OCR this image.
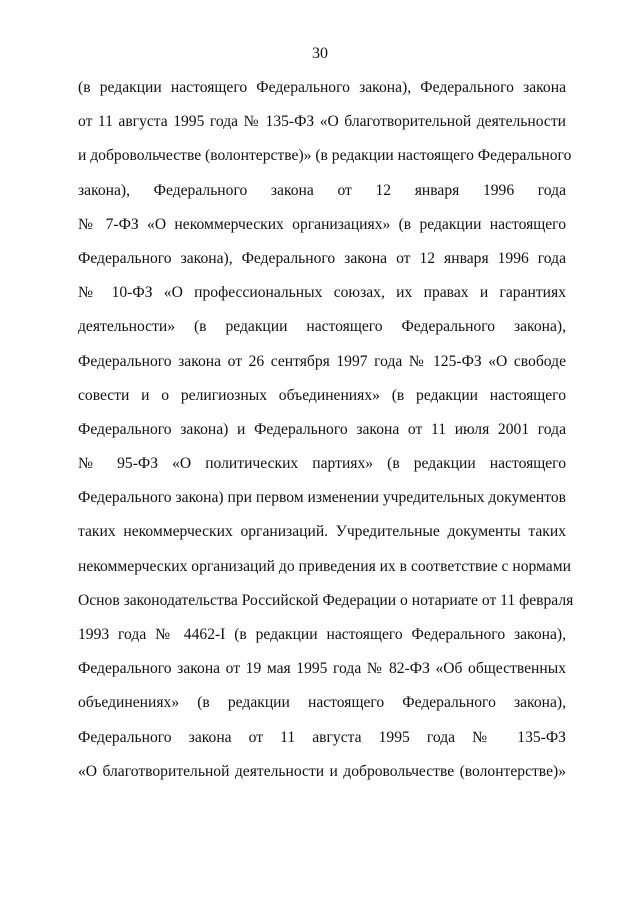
30
(в редакции настоящего Федерального закона), Федерального закона
от 11 августа 1995 года № 135-ФЗ «О благотворительной деятельности
и добровольчестве (волонтерстве)» (в редакции настоящего Федерального
закона), Федерального закона от 12 января 1996 года
№ 7-ФЗ «О некоммерческих организациях» (в редакции настоящего
Федерального закона), Федерального закона от 12 января 1996 года
№ 10-ФЗ «О профессиональных союзах, их правах и гарантиях
деятельности» (в редакции настоящего Федерального закона),
Федерального закона от 26 сентября 1997 года № 125-ФЗ «О свободе
совести и о религиозных объединениях» (в редакции настоящего
Федерального закона) и Федерального закона от 11 июля 2001 года
№ 95-ФЗ «О политических партиях» (в редакции настоящего
Федерального закона) при первом изменении учредительных документов
таких некоммерческих организаций. Учредительные документы таких
некоммерческих организаций до приведения их в соответствие с нормами
Основ законодательства Российской Федерации о нотариате от 11 февраля
1993 года № 4462-I (в редакции настоящего Федерального закона),
Федерального закона от 19 мая 1995 года № 82-ФЗ «Об общественных
объединениях» (в редакции настоящего Федерального закона),
Федерального закона от 11 августа 1995 года № 135-ФЗ
«О благотворительной деятельности и добровольчестве (волонтерстве)»
